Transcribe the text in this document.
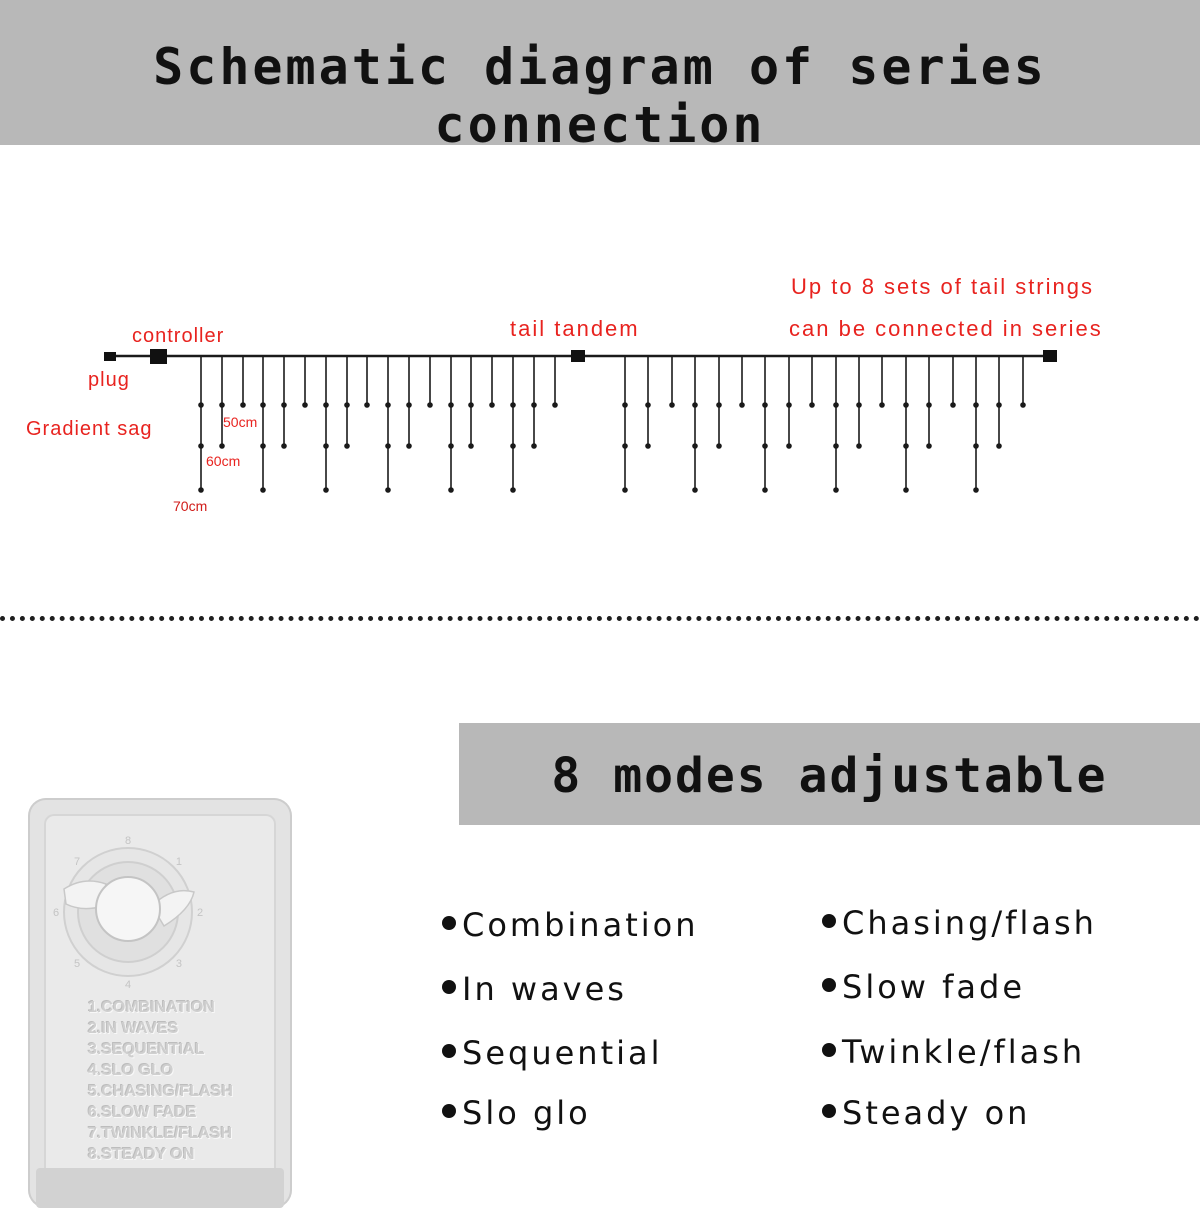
Schematic diagram of series connection
controller
plug
Gradient sag
tail tandem
Up to 8 sets of tail strings
can be connected in series
50cm
60cm
70cm
8 modes adjustable
8
1
2
3
4
5
6
7
1.COMBINATION
2.IN WAVES
3.SEQUENTIAL
4.SLO GLO
5.CHASING/FLASH
6.SLOW FADE
7.TWINKLE/FLASH
8.STEADY ON
Combination
In waves
Sequential
Slo glo
Chasing/flash
Slow fade
Twinkle/flash
Steady on
